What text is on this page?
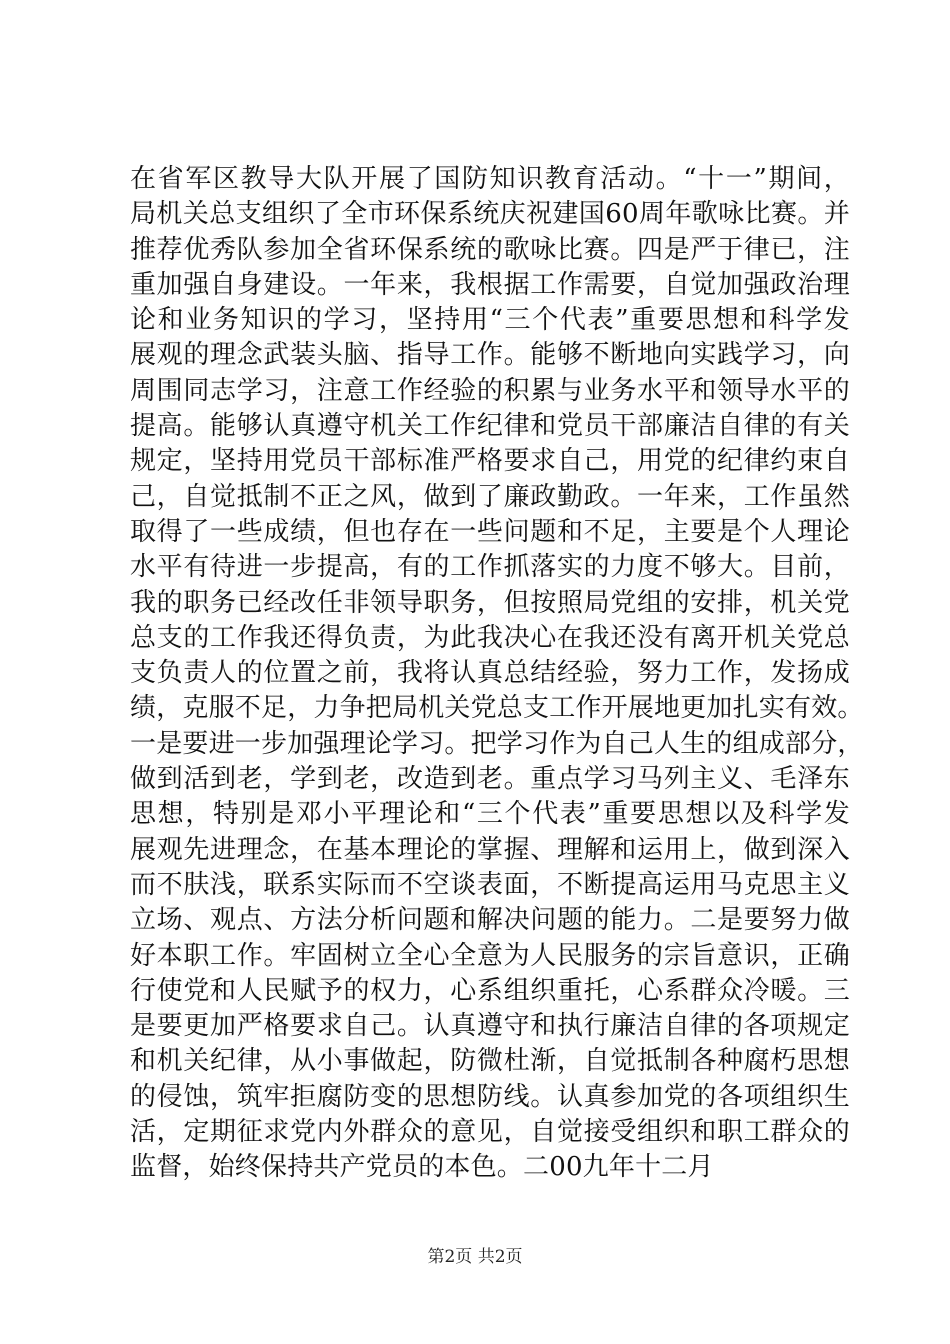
在省军区教导大队开展了国防知识教育活动。“十一”期间，
局机关总支组织了全市环保系统庆祝建国60周年歌咏比赛。并
推荐优秀队参加全省环保系统的歌咏比赛。四是严于律已，注
重加强自身建设。一年来，我根据工作需要，自觉加强政治理
论和业务知识的学习，坚持用“三个代表”重要思想和科学发
展观的理念武装头脑、指导工作。能够不断地向实践学习，向
周围同志学习，注意工作经验的积累与业务水平和领导水平的
提高。能够认真遵守机关工作纪律和党员干部廉洁自律的有关
规定，坚持用党员干部标准严格要求自己，用党的纪律约束自
己，自觉抵制不正之风，做到了廉政勤政。一年来，工作虽然
取得了一些成绩，但也存在一些问题和不足，主要是个人理论
水平有待进一步提高，有的工作抓落实的力度不够大。目前，
我的职务已经改任非领导职务，但按照局党组的安排，机关党
总支的工作我还得负责，为此我决心在我还没有离开机关党总
支负责人的位置之前，我将认真总结经验，努力工作，发扬成
绩，克服不足，力争把局机关党总支工作开展地更加扎实有效。
一是要进一步加强理论学习。把学习作为自己人生的组成部分，
做到活到老，学到老，改造到老。重点学习马列主义、毛泽东
思想，特别是邓小平理论和“三个代表”重要思想以及科学发
展观先进理念，在基本理论的掌握、理解和运用上，做到深入
而不肤浅，联系实际而不空谈表面，不断提高运用马克思主义
立场、观点、方法分析问题和解决问题的能力。二是要努力做
好本职工作。牢固树立全心全意为人民服务的宗旨意识，正确
行使党和人民赋予的权力，心系组织重托，心系群众冷暖。三
是要更加严格要求自己。认真遵守和执行廉洁自律的各项规定
和机关纪律，从小事做起，防微杜渐，自觉抵制各种腐朽思想
的侵蚀，筑牢拒腐防变的思想防线。认真参加党的各项组织生
活，定期征求党内外群众的意见，自觉接受组织和职工群众的
监督，始终保持共产党员的本色。二00九年十二月
第2页 共2页
